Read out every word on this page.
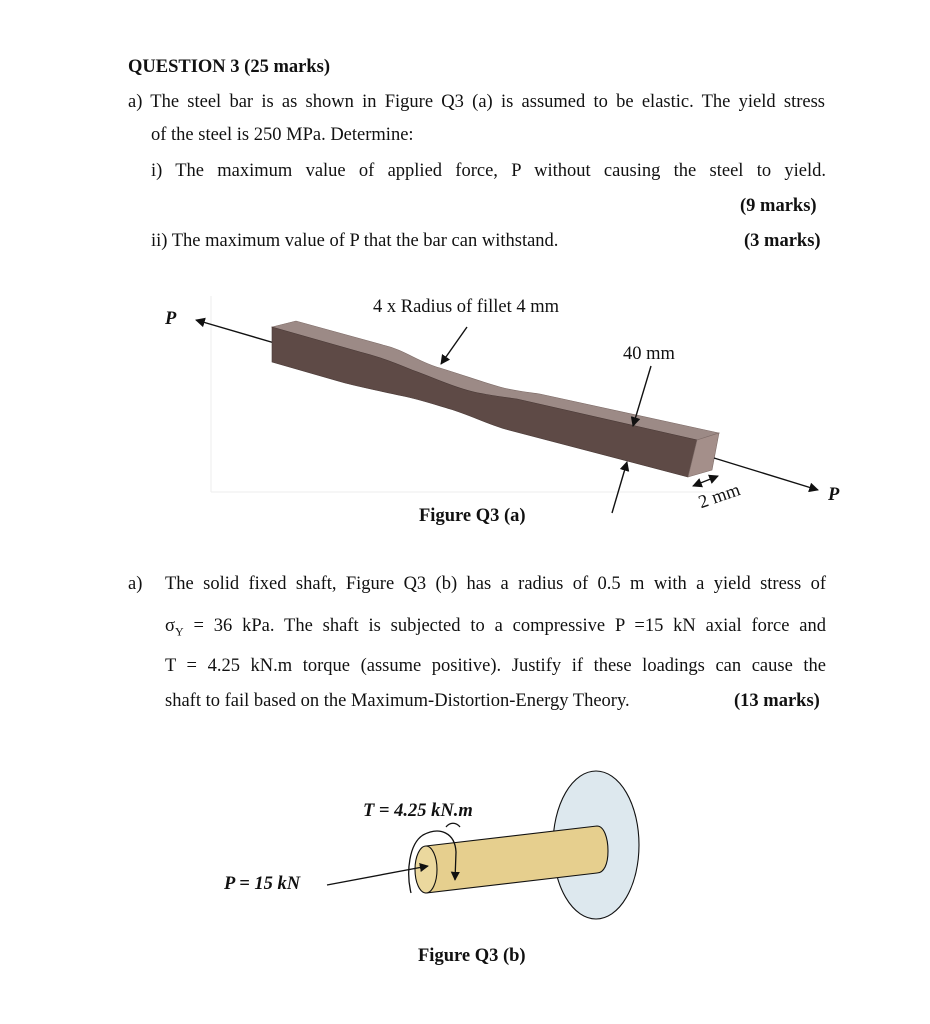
QUESTION 3 (25 marks)
a) The steel bar is as shown in Figure Q3 (a) is assumed to be elastic. The yield stress
of the steel is 250 MPa. Determine:
i) The maximum value of applied force, P without causing the steel to yield.
(9 marks)
ii) The maximum value of P that the bar can withstand.	(3 marks)
P
4 x Radius of fillet 4 mm
40 mm
2 mm	P
Figure Q3 (a)
a) The solid fixed shaft, Figure Q3 (b) has a radius of 0.5 m with a yield stress of
$\sigma_Y = 36$ kPa. The shaft is subjected to a compressive P =15 kN axial force and
T = 4.25 kN.m torque (assume positive). Justify if these loadings can cause the
shaft to fail based on the Maximum-Distortion-Energy Theory.	(13 marks)
T = 4.25 kN.m
P = 15 kN
Figure Q3 (b)
